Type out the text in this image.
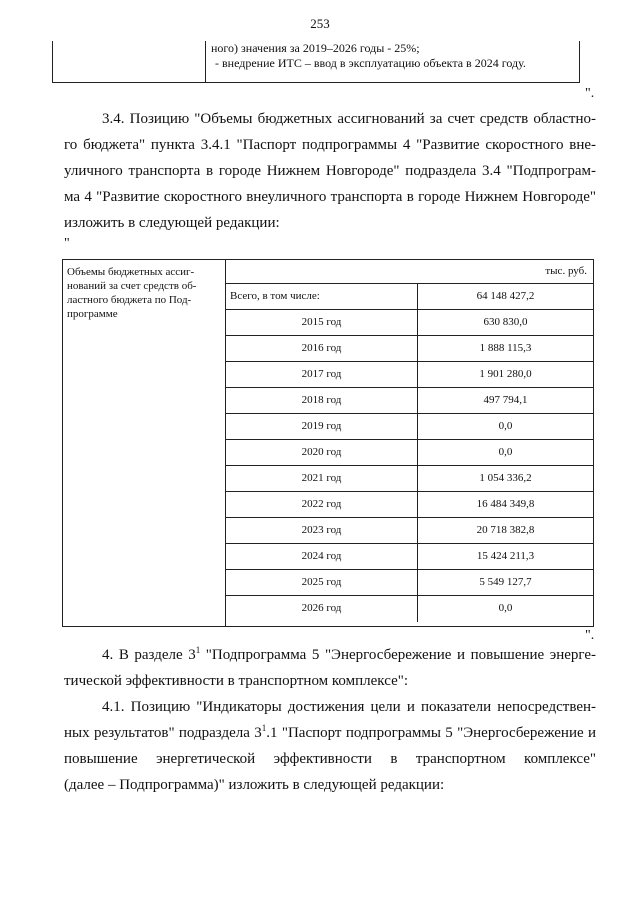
253
ного) значения за 2019–2026 годы - 25%;
- внедрение ИТС – ввод в эксплуатацию объекта в 2024 году.
".
3.4. Позицию "Объемы бюджетных ассигнований за счет средств областно-
го бюджета" пункта 3.4.1 "Паспорт подпрограммы 4 "Развитие скоростного вне-
уличного транспорта в городе Нижнем Новгороде" подраздела 3.4 "Подпрограм-
ма 4 "Развитие скоростного внеуличного транспорта в городе Нижнем Новгороде"
изложить в следующей редакции:
"
Объемы бюджетных ассиг-
нований за счет средств об-
ластного бюджета по Под-
программе
тыс. руб.
Всего, в том числе:	64 148 427,2
2015 год	630 830,0
2016 год	1 888 115,3
2017 год	1 901 280,0
2018 год	497 794,1
2019 год	0,0
2020 год	0,0
2021 год	1 054 336,2
2022 год	16 484 349,8
2023 год	20 718 382,8
2024 год	15 424 211,3
2025 год	5 549 127,7
2026 год	0,0
".
4. В разделе $3^1$ "Подпрограмма 5 "Энергосбережение и повышение энерге-
тической эффективности в транспортном комплексе":
4.1. Позицию "Индикаторы достижения цели и показатели непосредствен-
ных результатов" подраздела $3^1.1$ "Паспорт подпрограммы 5 "Энергосбережение и
повышение энергетической эффективности в транспортном комплексе"
(далее – Подпрограмма)" изложить в следующей редакции:
